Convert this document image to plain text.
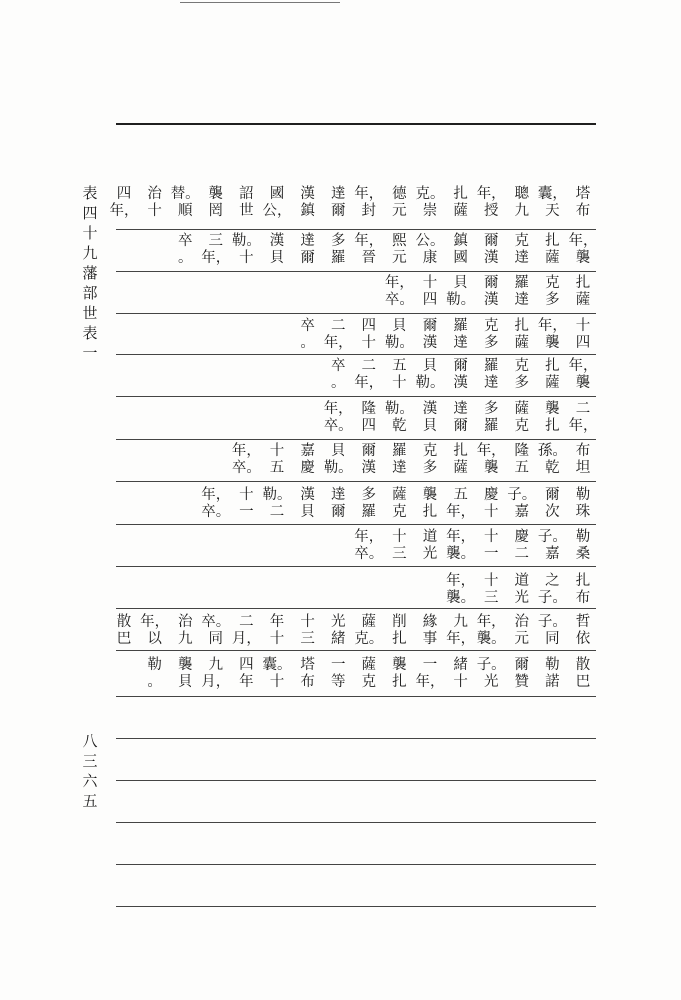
表
四
十
九
藩
部
世
表
一
八
三
六
五
塔
布
囊，
天
聰
九
年，
授
扎
薩
克。
崇
德
元
年，
封
達
爾
漢
鎮
國
公，
詔
世
襲
罔
替。
順
治
十
四
年，
年，
襲
扎
薩
克
達
爾
漢
鎮
國
公。
康
熙
元
年，
晉
多
羅
達
爾
漢
貝
勒。
十
三
年，
卒
。
扎
薩
克
多
羅
達
爾
漢
貝
勒。
十
四
年，
卒。
十
四
年，
襲
扎
薩
克
多
羅
達
爾
漢
貝
勒。
四
十
二
年，
卒
。
年，
襲
扎
薩
克
多
羅
達
爾
漢
貝
勒。
五
十
二
年，
卒
。
二
年，
襲
扎
薩
克
多
羅
達
爾
漢
貝
勒。
乾
隆
四
年，
卒。
布
坦
孫。
乾
隆
五
年，
襲
扎
薩
克
多
羅
達
爾
漢
貝
勒。
嘉
慶
十
五
年，
卒。
勒
珠
爾
次
子。
嘉
慶
十
五
年，
襲
扎
薩
克
多
羅
達
爾
漢
貝
勒。
二
十
一
年，
卒。
勒
桑
子。
嘉
慶
二
十
一
年，
襲。
道
光
十
三
年，
卒。
扎
布
之
子。
道
光
十
三
年，
襲。
哲
依
子。
同
治
元
年，
襲。
九
年，
緣
事
削
扎
薩
克。
光
緒
十
三
年
十
二
月，
卒。
同
治
九
年，
以
散
巴
散
巴
勒
諾
爾
贊
子。
光
緒
十
一
年，
襲
扎
薩
克
一
等
塔
布
囊。
十
四
年
九
月，
襲
貝
勒
。
